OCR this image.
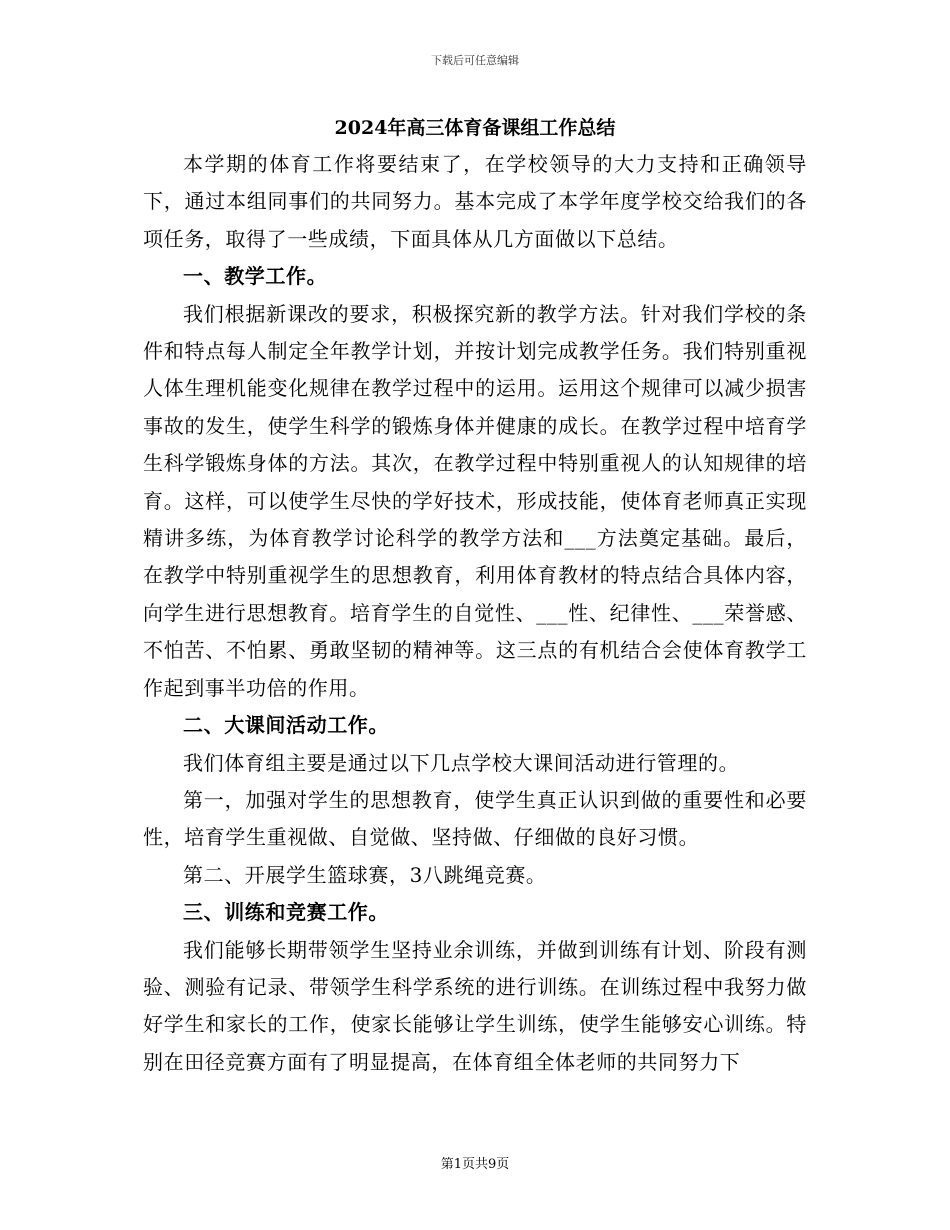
下载后可任意编辑
2024年高三体育备课组工作总结

本学期的体育工作将要结束了，在学校领导的大力支持和正确领导下，通过本组同事们的共同努力。基本完成了本学年度学校交给我们的各项任务，取得了一些成绩，下面具体从几方面做以下总结。

一、教学工作。

我们根据新课改的要求，积极探究新的教学方法。针对我们学校的条件和特点每人制定全年教学计划，并按计划完成教学任务。我们特别重视人体生理机能变化规律在教学过程中的运用。运用这个规律可以减少损害事故的发生，使学生科学的锻炼身体并健康的成长。在教学过程中培育学生科学锻炼身体的方法。其次，在教学过程中特别重视人的认知规律的培育。这样，可以使学生尽快的学好技术，形成技能，使体育老师真正实现精讲多练，为体育教学讨论科学的教学方法和___方法奠定基础。最后，在教学中特别重视学生的思想教育，利用体育教材的特点结合具体内容，向学生进行思想教育。培育学生的自觉性、___性、纪律性、___荣誉感、不怕苦、不怕累、勇敢坚韧的精神等。这三点的有机结合会使体育教学工作起到事半功倍的作用。

二、大课间活动工作。

我们体育组主要是通过以下几点学校大课间活动进行管理的。

第一，加强对学生的思想教育，使学生真正认识到做的重要性和必要性，培育学生重视做、自觉做、坚持做、仔细做的良好习惯。

第二、开展学生篮球赛，3八跳绳竞赛。

三、训练和竞赛工作。

我们能够长期带领学生坚持业余训练，并做到训练有计划、阶段有测验、测验有记录、带领学生科学系统的进行训练。在训练过程中我努力做好学生和家长的工作，使家长能够让学生训练，使学生能够安心训练。特别在田径竞赛方面有了明显提高，在体育组全体老师的共同努力下

第1页共9页
